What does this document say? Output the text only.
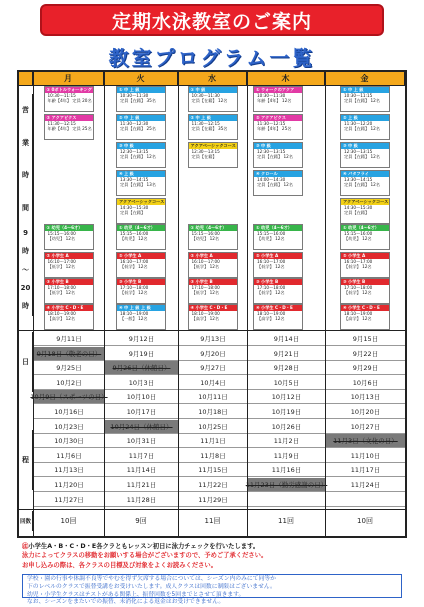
定期水泳教室のご案内
教室プログラム一覧
月	火	水	木	金
営
業
時
間
9
時
〜
20
時
① 0ボトルウォーキング
10:30〜11:15
年齢【4年】 定員 20名
② アクアビクス
11:30〜12:15
年齢【4年】 定員 25名
① 中 上 級
10:30〜11:30
定員【在籍】 35名
② 中 上 級
11:30〜12:30
定員【在籍】 25名
③ 中 級
12:30〜13:15
定員【在籍】 12名
④ 上 級
13:30〜14:15
定員【在籍】 13名
アクアベーシックコース
14:30〜15:30
定員【在籍】
① 中 級
10:30〜11:30
定員【在籍】 12名
② 中 上 級
11:30〜12:15
定員【在籍】 35名
アクアベーシックコース
12:30〜13:15
定員【在籍】
① ウォークのアクア
10:30〜11:30
年齢【4年】 12名
② アクアビクス
11:30〜12:15
年齢【4年】 25名
③ 中 級
12:30〜13:15
定員【在籍】 12名
④ クロール
14:00〜14:30
定員【在籍】 12名
① 中 上 級
10:30〜11:15
定員【在籍】 12名
② 上 級
11:30〜12:20
定員【在籍】 12名
③ 中 級
12:30〜13:15
定員【在籍】 12名
④ バタフライ
13:30〜14:15
定員【在籍】 12名
アクアベーシックコース
14:30〜15:30
定員【在籍】
① 幼児（4〜6才）
15:15〜16:00
【幼児】 12名
② 小学生 A
16:10〜17:00
【低学】 12名
③ 小学生 B
17:10〜18:00
【低学】 12名
④ 小学生 C・D・E
18:10〜19:00
【高学】 12名
① 幼児（4〜6才）
15:15〜16:00
【幼児】 12名
② 小学生 A
16:10〜17:00
【低学】 12名
③ 小学生 B
17:10〜18:00
【低学】 12名
④ 中 上 級 上 級
18:10〜19:00
【一般】 12名
① 幼児（4〜6才）
15:15〜16:00
【幼児】 12名
② 小学生 A
16:10〜17:00
【低学】 12名
③ 小学生 B
17:10〜18:00
【低学】 12名
④ 小学生 C・D・E
18:10〜19:00
【高学】 12名
① 幼児（4〜6才）
15:15〜16:00
【幼児】 12名
② 小学生 A
16:10〜17:00
【低学】 12名
③ 小学生 B
17:10〜18:00
【低学】 12名
④ 小学生 C・D・E
18:10〜19:00
【高学】 12名
① 幼児（4〜6才）
15:15〜16:00
【幼児】 12名
② 小学生 A
16:10〜17:00
【低学】 12名
③ 小学生 B
17:10〜18:00
【低学】 12名
④ 小学生 C・D・E
18:10〜19:00
【高学】 12名
日
程
9月11日	9月12日	9月13日	9月14日	9月15日
9月18日（敬老の日）	9月19日	9月20日	9月21日	9月22日
9月25日	9月26日（休館日）	9月27日	9月28日	9月29日
10月2日	10月3日	10月4日	10月5日	10月6日
10月9日（スポーツの日）	10月10日	10月11日	10月12日	10月13日
10月16日	10月17日	10月18日	10月19日	10月20日
10月23日	10月24日（休館日）	10月25日	10月26日	10月27日
10月30日	10月31日	11月1日	11月2日	11月3日（文化の日）
11月6日	11月7日	11月8日	11月9日	11月10日
11月13日	11月14日	11月15日	11月16日	11月17日
11月20日	11月21日	11月22日	11月23日（勤労感謝の日）	11月24日
11月27日	11月28日	11月29日
回数	10回	9回	11回	11回	10回
㊟小学生A・B・C・D・E各クラともレッスン初日に泳力チェックを行いたします。
泳力によってクラスの移動をお願いする場合がございますので、予めご了承ください。
お申し込みの際は、各クラスの目標及び対象をよくお読みください。
学校・園の行事や体調不良等でやむを得ず欠席する場合については、シーズン内のみにて同等か
下のレベルのクラスで振替受講をお受けいたします。成人クラスは回数に制限はございません。
幼児・小学生クラスはテストがある関係上、振替回数を5回までとさせて頂きます。
なお、シーズンをまたいでの振替、未消化による返金はお受けできません。
